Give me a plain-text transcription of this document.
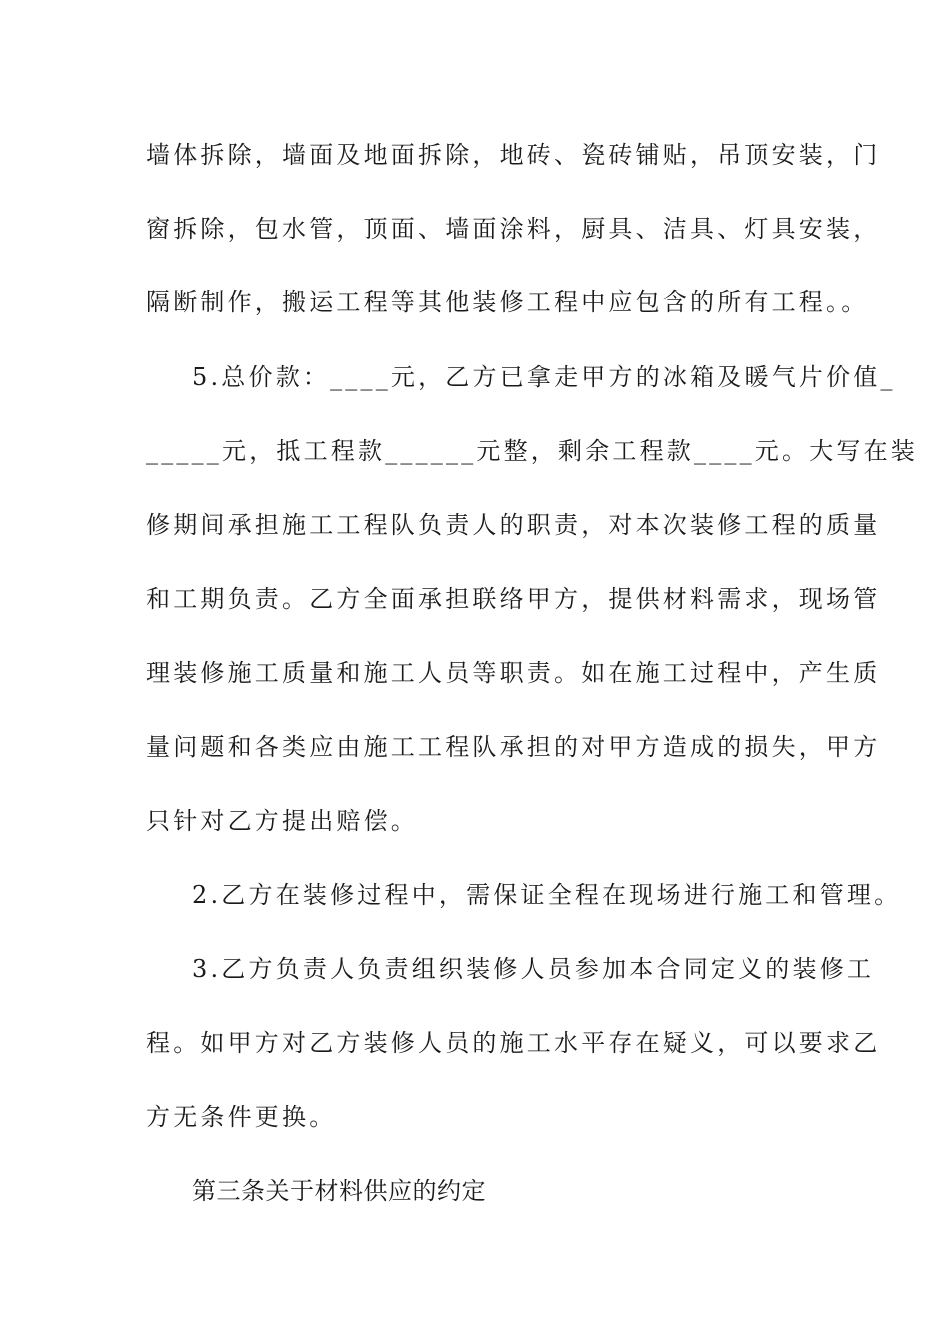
墙体拆除，墙面及地面拆除，地砖、瓷砖铺贴，吊顶安装，门
窗拆除，包水管，顶面、墙面涂料，厨具、洁具、灯具安装，
隔断制作，搬运工程等其他装修工程中应包含的所有工程。。
5.总价款：____元，乙方已拿走甲方的冰箱及暖气片价值_
_____元，抵工程款______元整，剩余工程款____元。大写在装
修期间承担施工工程队负责人的职责，对本次装修工程的质量
和工期负责。乙方全面承担联络甲方，提供材料需求，现场管
理装修施工质量和施工人员等职责。如在施工过程中，产生质
量问题和各类应由施工工程队承担的对甲方造成的损失，甲方
只针对乙方提出赔偿。
2.乙方在装修过程中，需保证全程在现场进行施工和管理。
3.乙方负责人负责组织装修人员参加本合同定义的装修工
程。如甲方对乙方装修人员的施工水平存在疑义，可以要求乙
方无条件更换。
第三条关于材料供应的约定
